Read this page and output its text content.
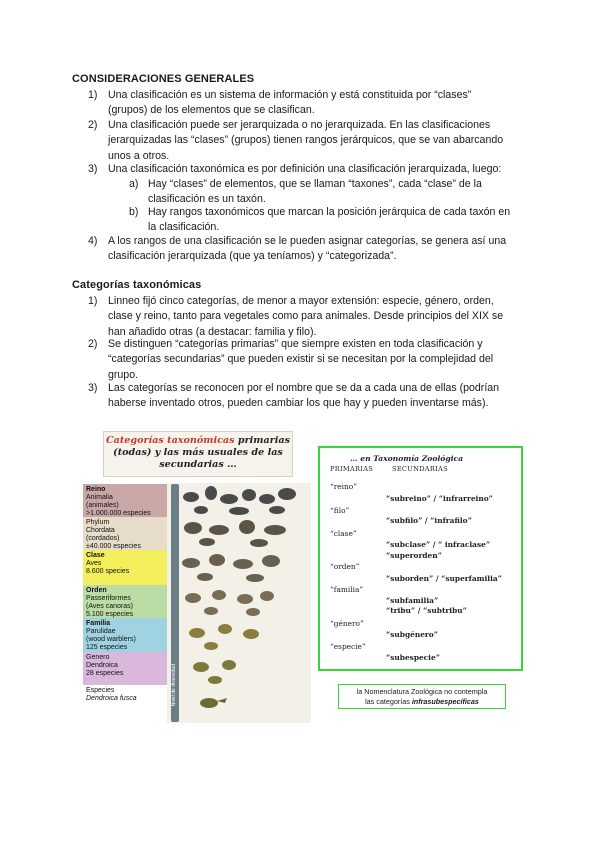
CONSIDERACIONES GENERALES
1) Una clasificación es un sistema de información y está constituida por “clases”
(grupos) de los elementos que se clasifican.
2) Una clasificación puede ser jerarquizada o no jerarquizada. En las clasificaciones
jerarquizadas las “clases” (grupos) tienen rangos jerárquicos, que se van abarcando
unos a otros.
3) Una clasificación taxonómica es por definición una clasificación jerarquizada, luego:
a) Hay “clases” de elementos, que se llaman “taxones”, cada “clase” de la
clasificación es un taxón.
b) Hay rangos taxonómicos que marcan la posición jerárquica de cada taxón en
la clasificación.
4) A los rangos de una clasificación se le pueden asignar categorías, se genera así una
clasificación jerarquizada (que ya teníamos) y “categorizada”.
Categorías taxonómicas
1) Linneo fijó cinco categorías, de menor a mayor extensión: especie, género, orden,
clase y reino, tanto para vegetales como para animales. Desde principios del XIX se
han añadido otras (a destacar: familia y filo).
2) Se distinguen “categorías primarias” que siempre existen en toda clasificación y
“categorías secundarias” que pueden existir si se necesitan por la complejidad del
grupo.
3) Las categorías se reconocen por el nombre que se da a cada una de ellas (podrían
haberse inventado otros, pueden cambiar los que hay y pueden inventarse más).
Categorías taxonómicas primarias
(todas) y las más usuales de las
secundarias …
Reino
Animalia
(animales)
>1.000.000 especies
Phylum
Chordata
(cordados)
±40.000 especies
Clase
Aves
8.600 species
Orden
Passeriformes
(Aves canoras)
5.100 especies
Familia
Parulidae
(wood warblers)
125 especies
Genero
Dendroica
28 especies
Especies
Dendroica fusca	Nivel de diversidad
… en Taxonomía Zoológica
PRIMARIAS	SECUNDARIAS
“reino”
“subreino” / “infrarreino”
“filo”
“subfilo” / “infrafilo”
“clase”
“subclase” / “ infraclase”
“superorden”
“orden”
“suborden” / “superfamilia”
“familia”
“subfamilia”
“tribu” / “subtribu”
“género”
“subgénero”
“especie”
“subespecie”
la Nomenclatura Zoológica no contempla
las categorías infrasubespecíficas
